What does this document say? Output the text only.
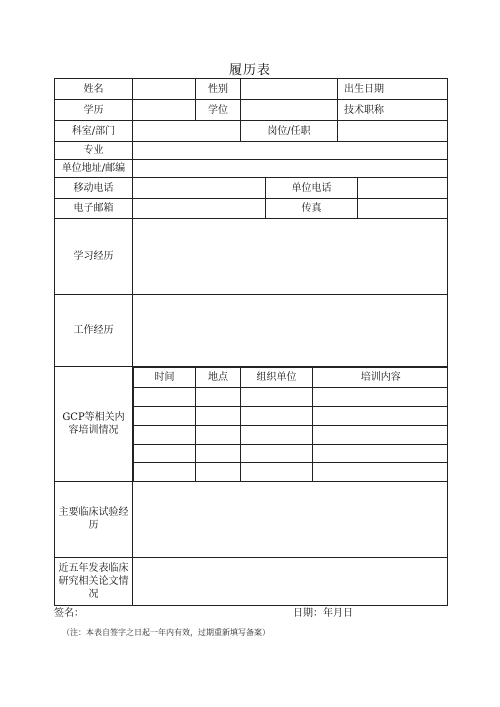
履历表
姓名		性别		出生日期
学历		学位		技术职称
科室/部门		岗位/任职	
专业	
单位地址/邮编	
移动电话		单位电话	
电子邮箱		传真	
学习经历	
工作经历	
GCP等相关内容培训情况	
时间	地点	组织单位	培训内容

主要临床试验经历	
近五年发表临床研究相关论文情况	
签名：	日期：年月日
（注：本表自签字之日起一年内有效，过期重新填写备案）
